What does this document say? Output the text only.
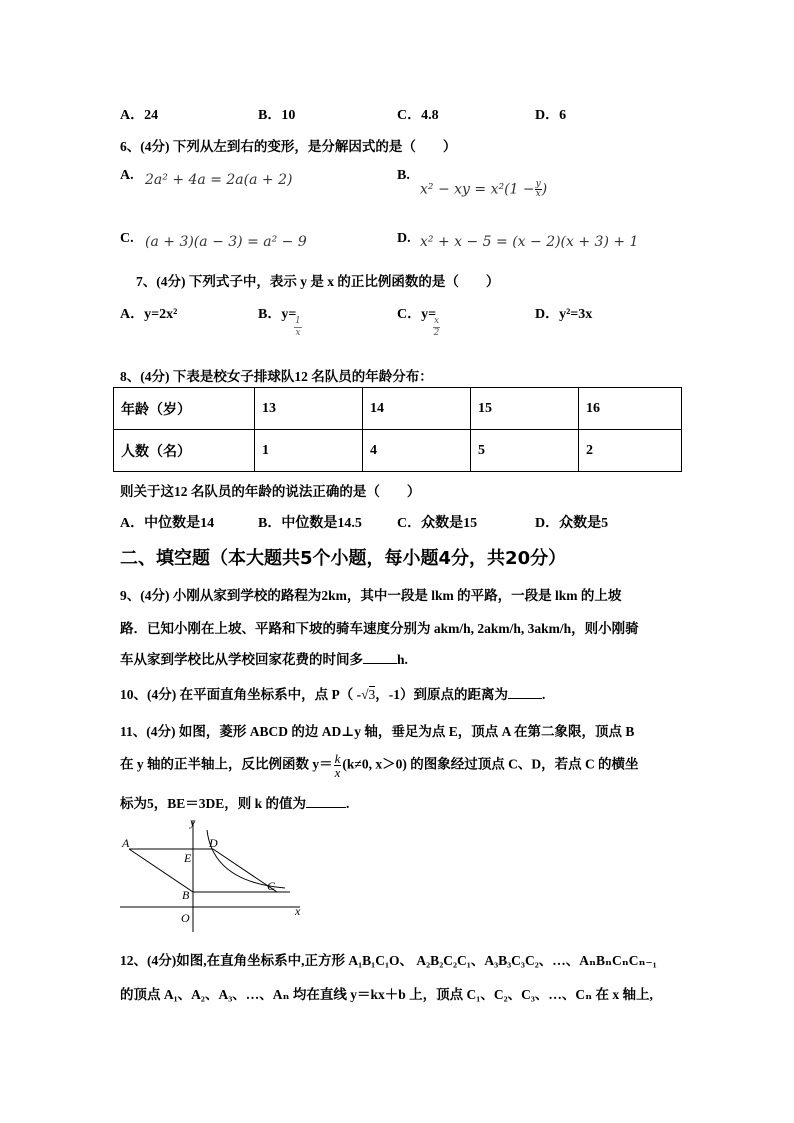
A．24	B．10	C．4.8	D．6
6、(4分) 下列从左到右的变形，是分解因式的是（　　）
A. 2a² + 4a = 2a(a + 2)	B.
x² − xy = $x^2(1 - \frac{y}{x}$ )
C. (a + 3)(a − 3) = a² − 9	D. x² + x − 5 = (x − 2)(x + 3) + 1
7、(4分) 下列式子中，表示 y 是 x 的正比例函数的是（　　）
A．y=2x²	B．y=
$\frac{1}{x}$
C．y=
$\frac{x}{2}$
D．y²=3x
8、(4分) 下表是校女子排球队12 名队员的年龄分布：
年龄（岁）	13	14	15	16
人数（名）	1	4	5	2
则关于这12 名队员的年龄的说法正确的是（　　）
A．中位数是14	B．中位数是14.5	C．众数是15	D．众数是5
二、填空题（本大题共5个小题，每小题4分，共20分）
9、(4分) 小刚从家到学校的路程为2km，其中一段是 lkm 的平路，一段是 lkm 的上坡
路．已知小刚在上坡、平路和下坡的骑车速度分别为 akm/h, 2akm/h, 3akm/h，则小刚骑
车从家到学校比从学校回家花费的时间多	h.
10、(4分) 在平面直角坐标系中，点 P（ -√3，-1）到原点的距离为	.
11、(4分) 如图，菱形 ABCD 的边 AD⊥y 轴，垂足为点 E，顶点 A 在第二象限，顶点 B
在 y 轴的正半轴上，反比例函数 $y= \frac{k}{x} (k\ne 0$, x＞0) 的图象经过顶点 C、D，若点 C 的横坐
标为5，BE＝3DE，则 k 的值为	.
y
A	D
E
C
B
O	x
12、(4分)如图,在直角坐标系中,正方形 A₁B₁C₁O、 A₂B₂C₂C₁、A₃B₃C₃C₂、…、AₙBₙCₙCₙ₋₁
的顶点 A₁、A₂、A₃、…、Aₙ 均在直线 y＝kx＋b 上，顶点 C₁、C₂、C₃、…、Cₙ 在 x 轴上,
